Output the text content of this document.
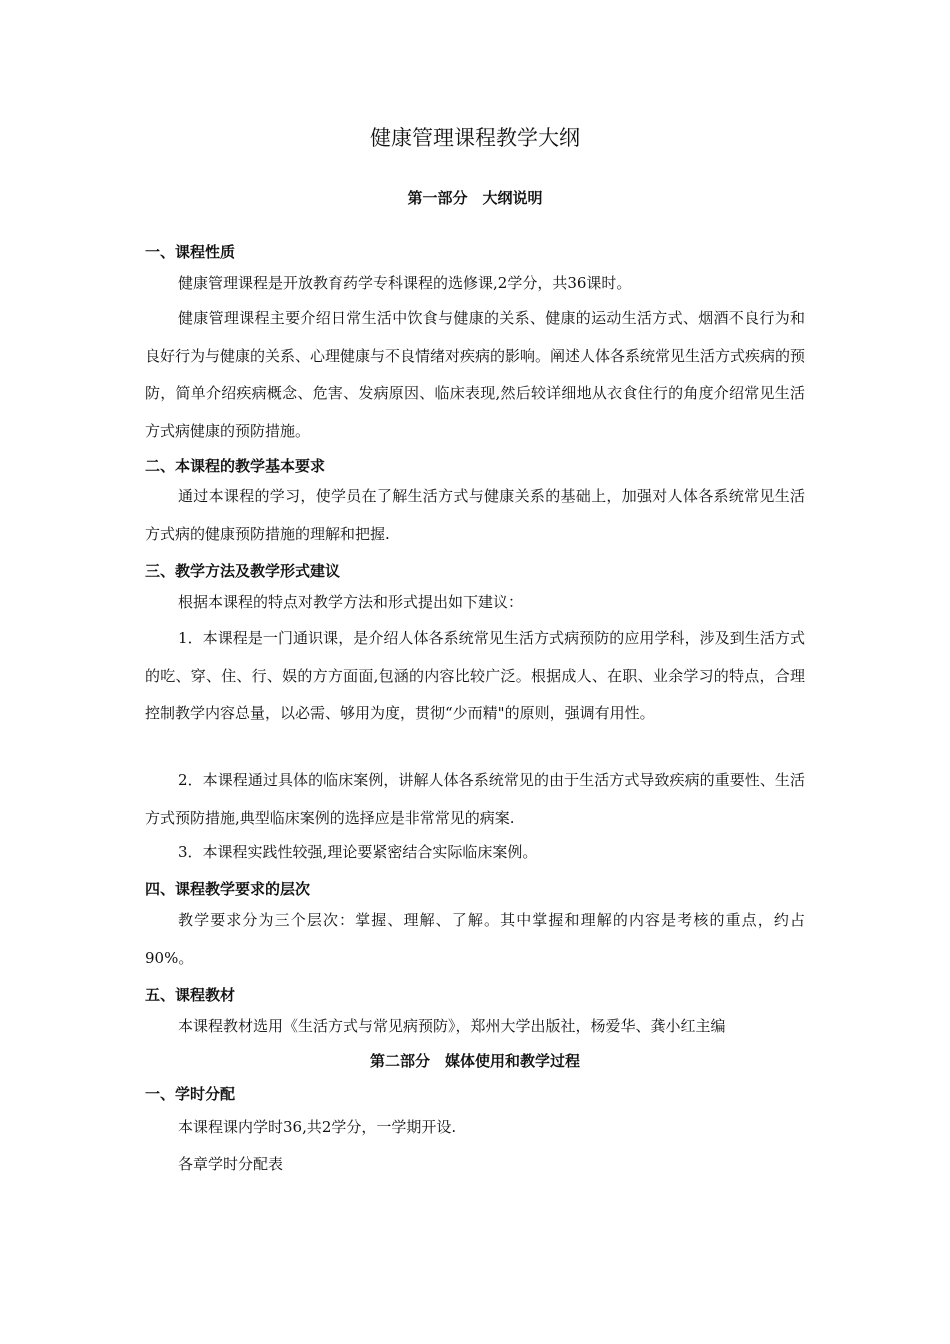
健康管理课程教学大纲
第一部分　大纲说明
一、课程性质

健康管理课程是开放教育药学专科课程的选修课,2学分，共36课时。

健康管理课程主要介绍日常生活中饮食与健康的关系、健康的运动生活方式、烟酒不良行为和良好行为与健康的关系、心理健康与不良情绪对疾病的影响。阐述人体各系统常见生活方式疾病的预防，简单介绍疾病概念、危害、发病原因、临床表现,然后较详细地从衣食住行的角度介绍常见生活方式病健康的预防措施。

二、本课程的教学基本要求

通过本课程的学习，使学员在了解生活方式与健康关系的基础上，加强对人体各系统常见生活方式病的健康预防措施的理解和把握.

三、教学方法及教学形式建议

根据本课程的特点对教学方法和形式提出如下建议：

1．本课程是一门通识课，是介绍人体各系统常见生活方式病预防的应用学科，涉及到生活方式的吃、穿、住、行、娱的方方面面,包涵的内容比较广泛。根据成人、在职、业余学习的特点，合理控制教学内容总量，以必需、够用为度，贯彻“少而精"的原则，强调有用性。

2．本课程通过具体的临床案例，讲解人体各系统常见的由于生活方式导致疾病的重要性、生活方式预防措施,典型临床案例的选择应是非常常见的病案.

3．本课程实践性较强,理论要紧密结合实际临床案例。

四、课程教学要求的层次

教学要求分为三个层次：掌握、理解、了解。其中掌握和理解的内容是考核的重点，约占90%。

五、课程教材

本课程教材选用《生活方式与常见病预防》，郑州大学出版社，杨爱华、龚小红主编

第二部分　媒体使用和教学过程
一、学时分配
本课程课内学时36,共2学分，一学期开设.
各章学时分配表
